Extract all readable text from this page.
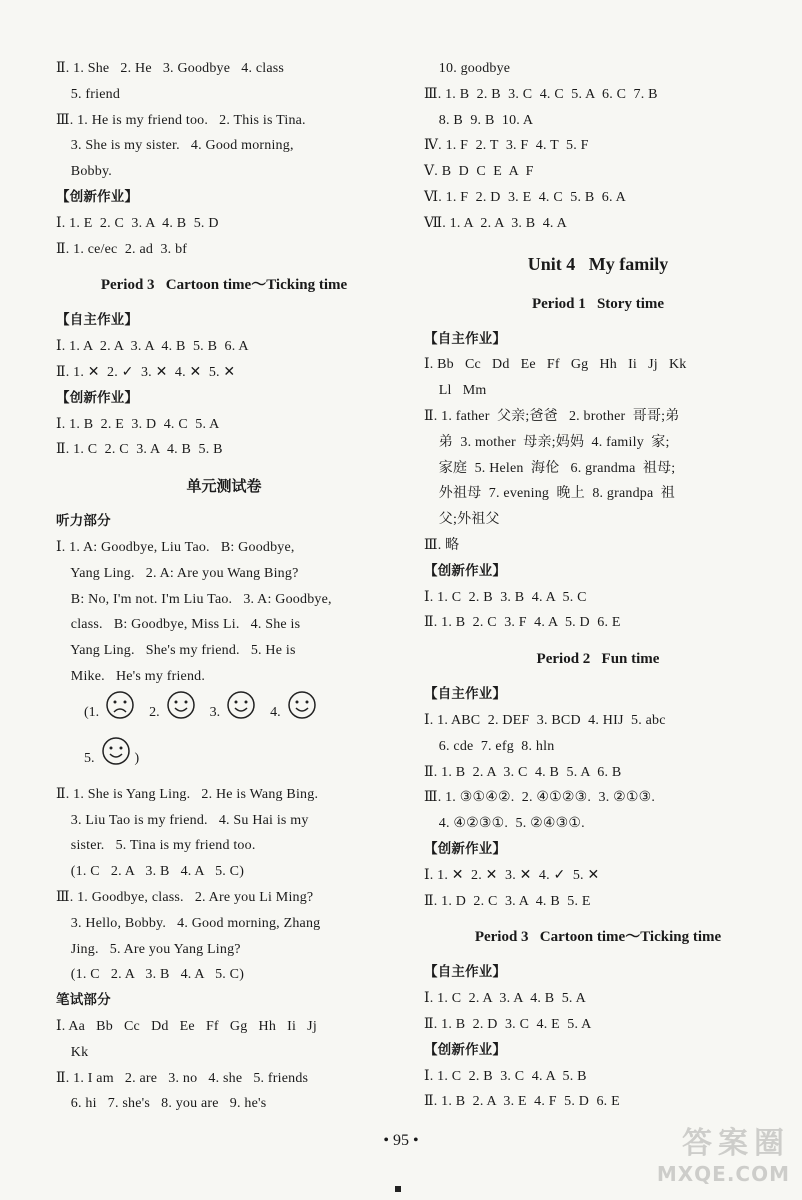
Ⅱ. 1. She   2. He   3. Goodbye   4. class

5. friend

Ⅲ. 1. He is my friend too.   2. This is Tina.

3. She is my sister.   4. Good morning,

Bobby.

【创新作业】

Ⅰ. 1. E  2. C  3. A  4. B  5. D

Ⅱ. 1. ce/ec  2. ad  3. bf

Period 3   Cartoon time～Ticking time

【自主作业】

Ⅰ. 1. A  2. A  3. A  4. B  5. B  6. A

Ⅱ. 1. ✕  2. ✓  3. ✕  4. ✕  5. ✕

【创新作业】

Ⅰ. 1. B  2. E  3. D  4. C  5. A

Ⅱ. 1. C  2. C  3. A  4. B  5. B

单元测试卷

听力部分

Ⅰ. 1. A: Goodbye, Liu Tao.   B: Goodbye,

Yang Ling.   2. A: Are you Wang Bing?

B: No, I'm not. I'm Liu Tao.   3. A: Goodbye,

class.   B: Goodbye, Miss Li.   4. She is

Yang Ling.   She's my friend.   5. He is

Mike.   He's my friend.

(1.	2.	3.	4.
5.	)

Ⅱ. 1. She is Yang Ling.   2. He is Wang Bing.

3. Liu Tao is my friend.   4. Su Hai is my

sister.   5. Tina is my friend too.

(1. C   2. A   3. B   4. A   5. C)

Ⅲ. 1. Goodbye, class.   2. Are you Li Ming?

3. Hello, Bobby.   4. Good morning, Zhang

Jing.   5. Are you Yang Ling?

(1. C   2. A   3. B   4. A   5. C)

笔试部分

Ⅰ. Aa   Bb   Cc   Dd   Ee   Ff   Gg   Hh   Ii   Jj

Kk

Ⅱ. 1. I am   2. are   3. no   4. she   5. friends

6. hi   7. she's   8. you are   9. he's

10. goodbye

Ⅲ. 1. B  2. B  3. C  4. C  5. A  6. C  7. B

8. B  9. B  10. A

Ⅳ. 1. F  2. T  3. F  4. T  5. F

Ⅴ. B  D  C  E  A  F

Ⅵ. 1. F  2. D  3. E  4. C  5. B  6. A

Ⅶ. 1. A  2. A  3. B  4. A

Unit 4   My family
Period 1   Story time

【自主作业】

Ⅰ. Bb   Cc   Dd   Ee   Ff   Gg   Hh   Ii   Jj   Kk

Ll   Mm

Ⅱ. 1. father  父亲;爸爸   2. brother  哥哥;弟

弟  3. mother  母亲;妈妈  4. family  家;

家庭  5. Helen  海伦   6. grandma  祖母;

外祖母  7. evening  晚上  8. grandpa  祖

父;外祖父

Ⅲ. 略

【创新作业】

Ⅰ. 1. C  2. B  3. B  4. A  5. C

Ⅱ. 1. B  2. C  3. F  4. A  5. D  6. E

Period 2   Fun time

【自主作业】

Ⅰ. 1. ABC  2. DEF  3. BCD  4. HIJ  5. abc

6. cde  7. efg  8. hln

Ⅱ. 1. B  2. A  3. C  4. B  5. A  6. B

Ⅲ. 1. ③①④②.  2. ④①②③.  3. ②①③.

4. ④②③①.  5. ②④③①.

【创新作业】

Ⅰ. 1. ✕  2. ✕  3. ✕  4. ✓  5. ✕

Ⅱ. 1. D  2. C  3. A  4. B  5. E

Period 3   Cartoon time～Ticking time

【自主作业】

Ⅰ. 1. C  2. A  3. A  4. B  5. A

Ⅱ. 1. B  2. D  3. C  4. E  5. A

【创新作业】

Ⅰ. 1. C  2. B  3. C  4. A  5. B

Ⅱ. 1. B  2. A  3. E  4. F  5. D  6. E

• 95 •	答案圈
MXQE.COM
